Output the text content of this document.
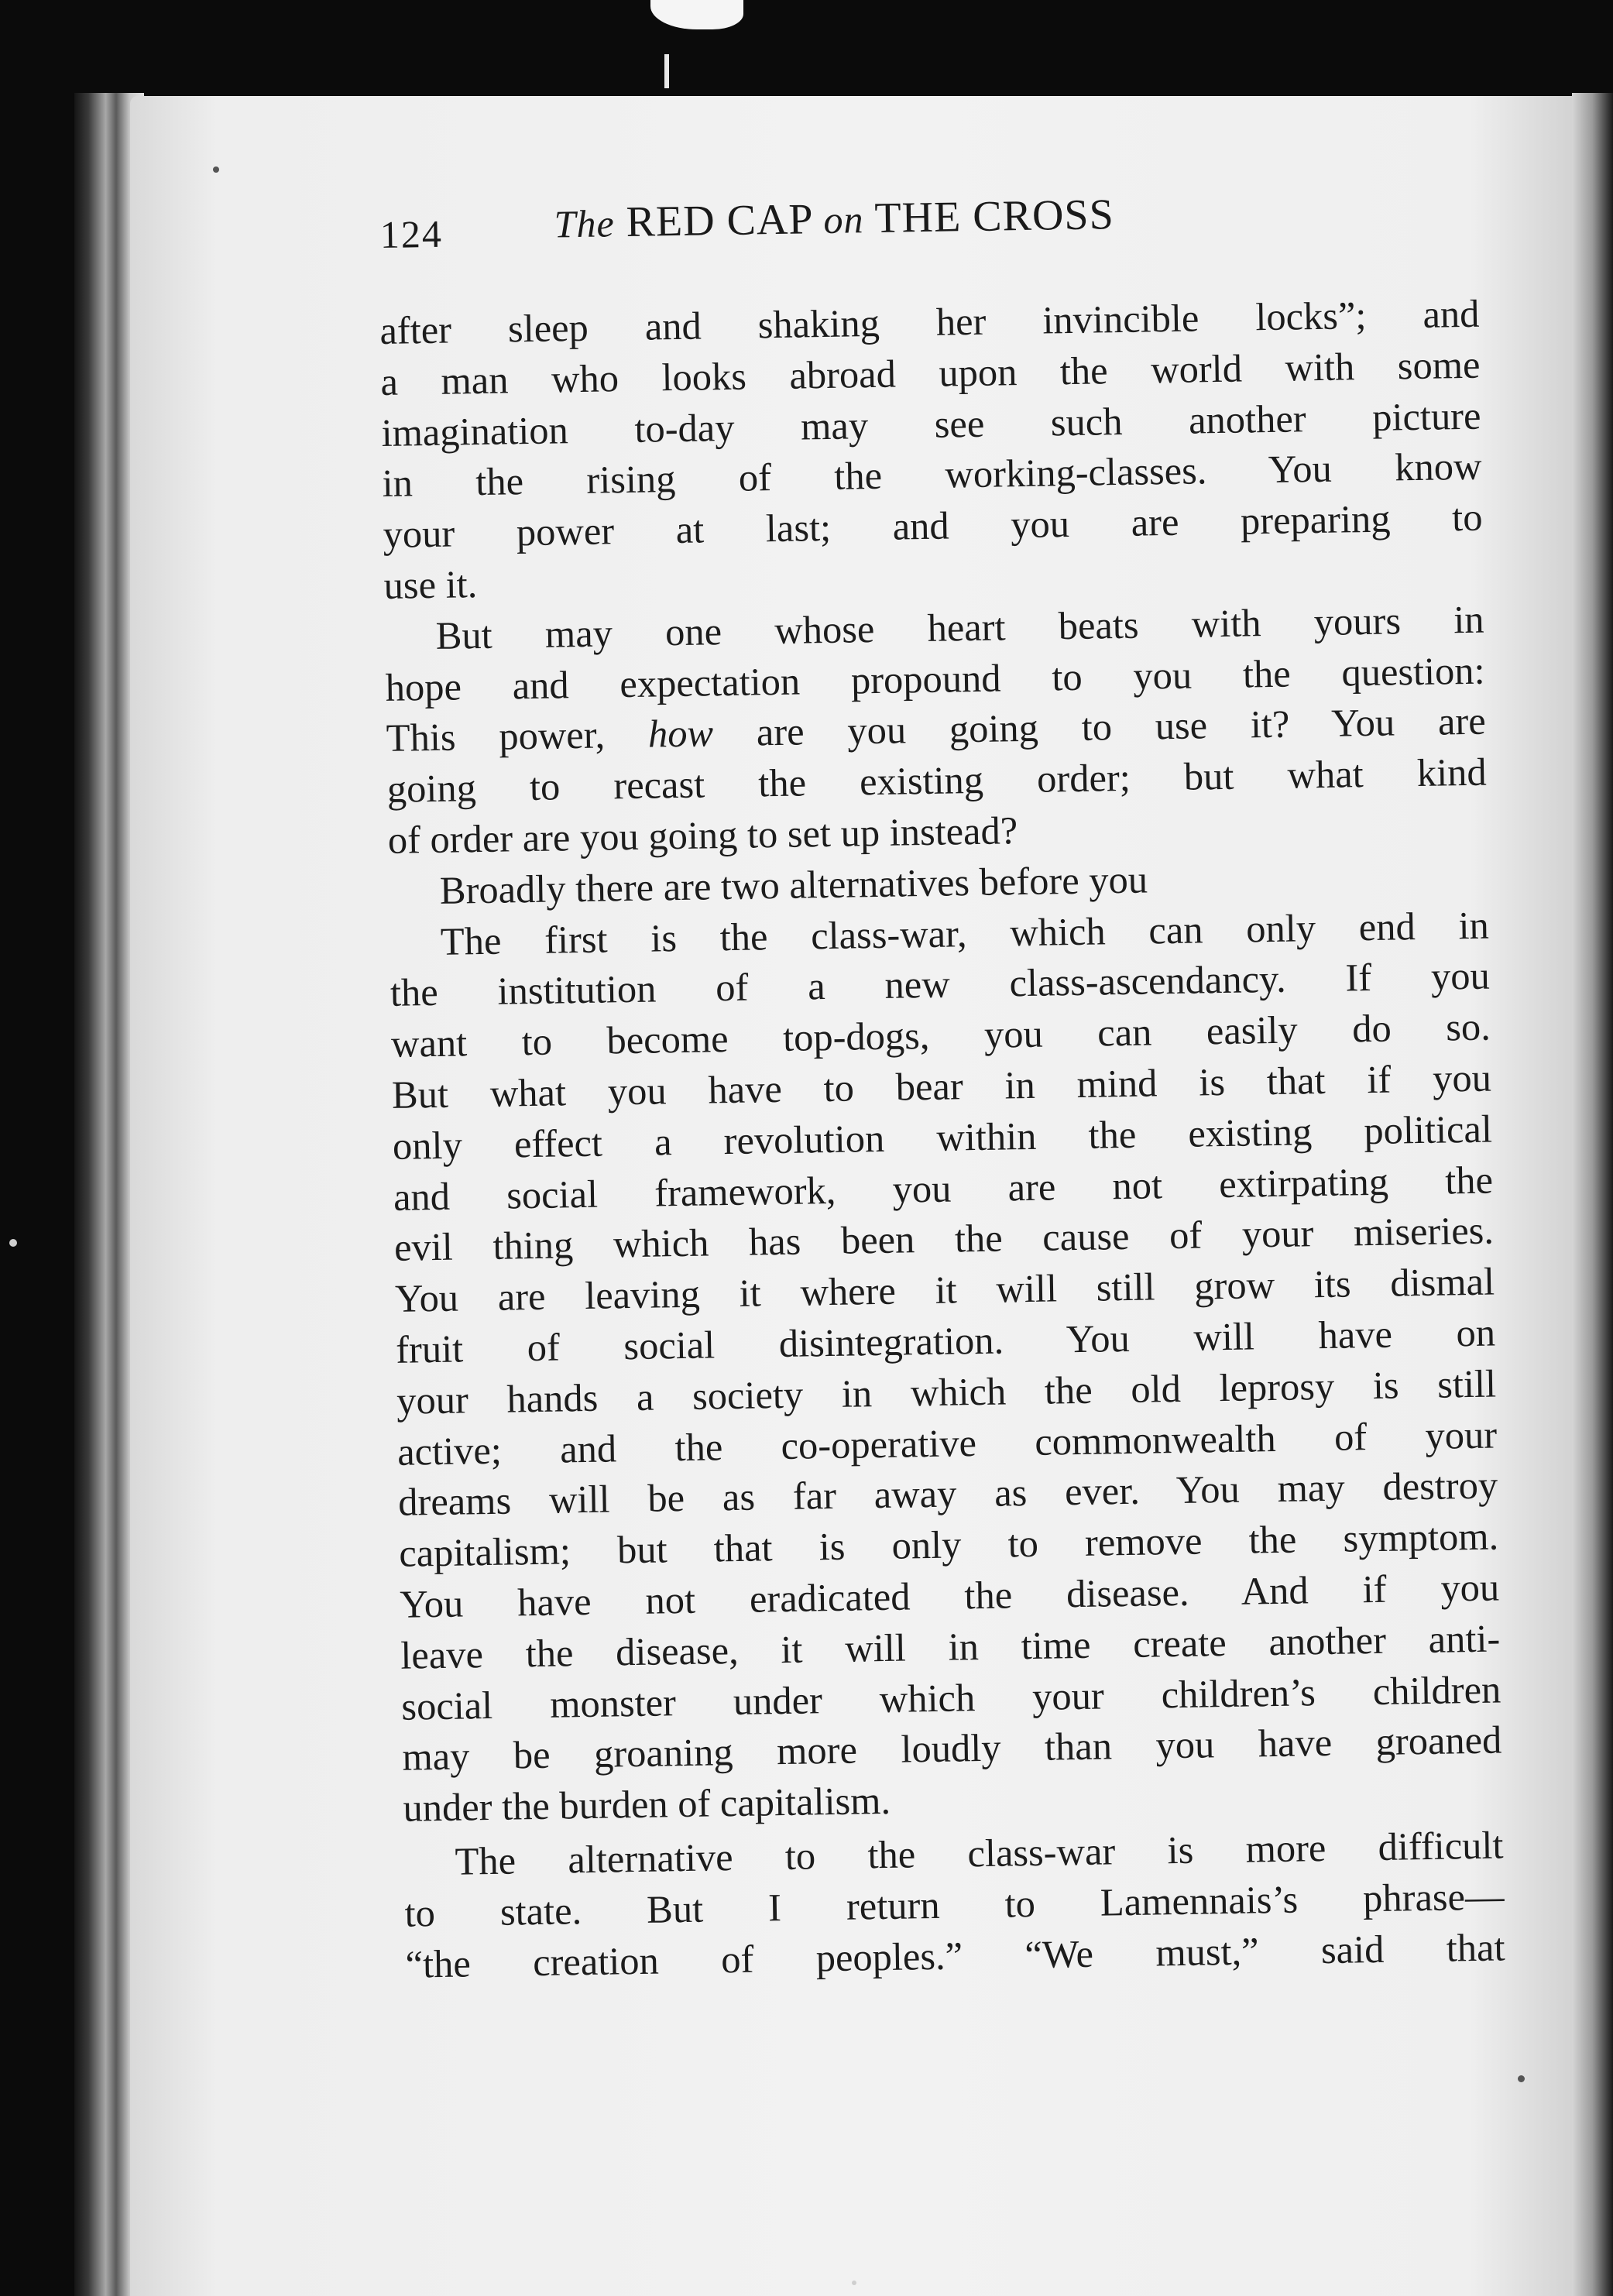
124	The RED CAP on THE CROSS
after sleep and shaking her invincible locks”; and
a man who looks abroad upon the world with some
imagination to-day may see such another picture
in the rising of the working-classes. You know
your power at last; and you are preparing to
use it.
But may one whose heart beats with yours in
hope and expectation propound to you the question:
This power, how are you going to use it? You are
going to recast the existing order; but what kind
of order are you going to set up instead?
Broadly there are two alternatives before you
The first is the class-war, which can only end in
the institution of a new class-ascendancy. If you
want to become top-dogs, you can easily do so.
But what you have to bear in mind is that if you
only effect a revolution within the existing political
and social framework, you are not extirpating the
evil thing which has been the cause of your miseries.
You are leaving it where it will still grow its dismal
fruit of social disintegration. You will have on
your hands a society in which the old leprosy is still
active; and the co-operative commonwealth of your
dreams will be as far away as ever. You may destroy
capitalism; but that is only to remove the symptom.
You have not eradicated the disease. And if you
leave the disease, it will in time create another anti-
social monster under which your children’s children
may be groaning more loudly than you have groaned
under the burden of capitalism.
The alternative to the class-war is more difficult
to state. But I return to Lamennais’s phrase—
“the creation of peoples.” “We must,” said that
